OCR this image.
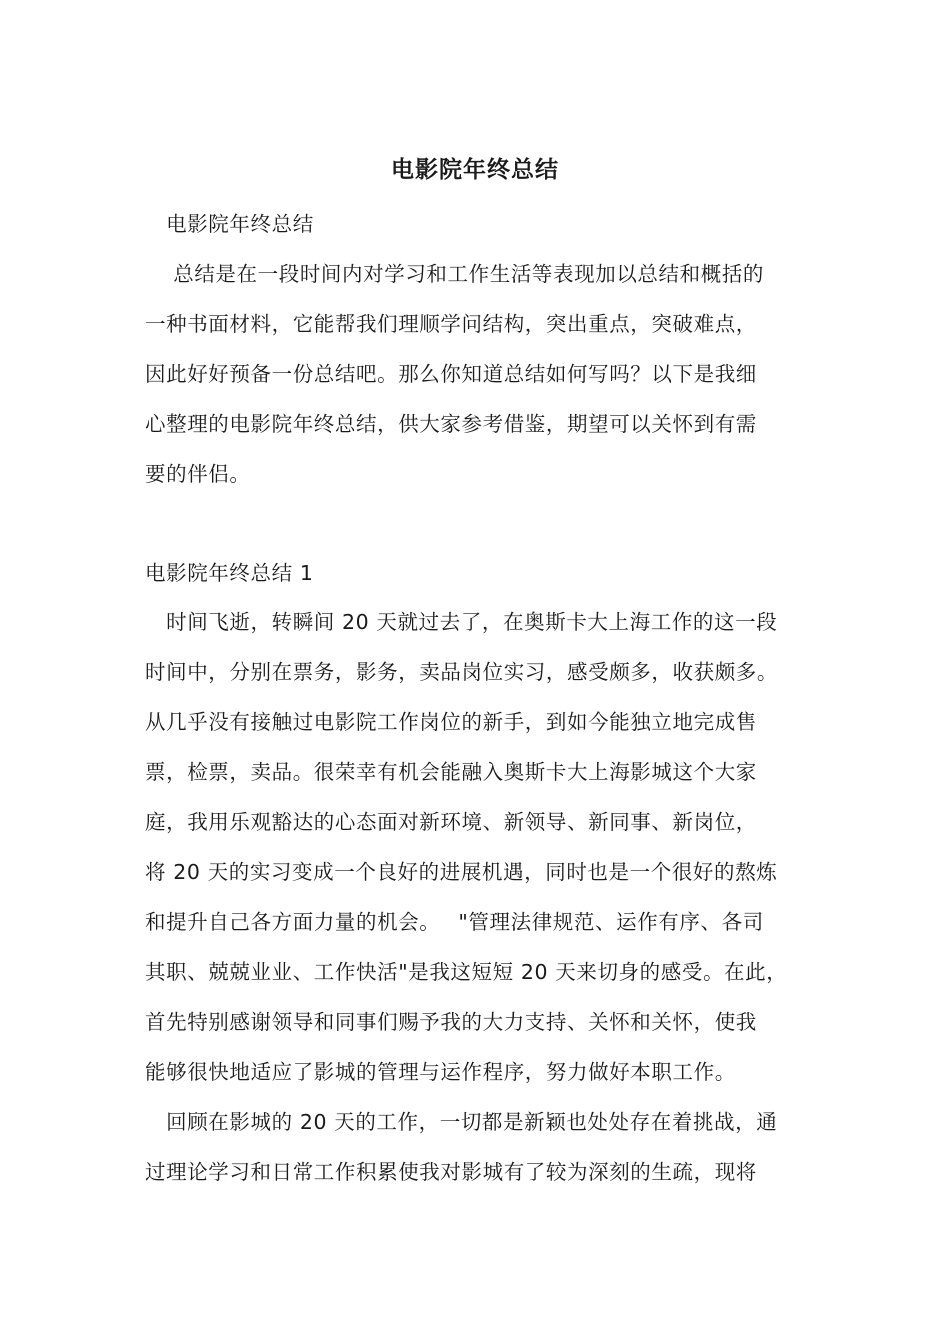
电影院年终总结
　电影院年终总结
　 总结是在一段时间内对学习和工作生活等表现加以总结和概括的
一种书面材料，它能帮我们理顺学问结构，突出重点，突破难点，
因此好好预备一份总结吧。那么你知道总结如何写吗？以下是我细
心整理的电影院年终总结，供大家参考借鉴，期望可以关怀到有需
要的伴侣。
电影院年终总结 1
　时间飞逝，转瞬间 20 天就过去了，在奥斯卡大上海工作的这一段
时间中，分别在票务，影务，卖品岗位实习，感受颇多，收获颇多。
从几乎没有接触过电影院工作岗位的新手，到如今能独立地完成售
票，检票，卖品。很荣幸有机会能融入奥斯卡大上海影城这个大家
庭，我用乐观豁达的心态面对新环境、新领导、新同事、新岗位，
将 20 天的实习变成一个良好的进展机遇，同时也是一个很好的熬炼
和提升自己各方面力量的机会。　 "管理法律规范、运作有序、各司
其职、兢兢业业、工作快活"是我这短短 20 天来切身的感受。在此，
首先特别感谢领导和同事们赐予我的大力支持、关怀和关怀，使我
能够很快地适应了影城的管理与运作程序，努力做好本职工作。
　回顾在影城的 20 天的工作，一切都是新颖也处处存在着挑战，通
过理论学习和日常工作积累使我对影城有了较为深刻的生疏，现将
